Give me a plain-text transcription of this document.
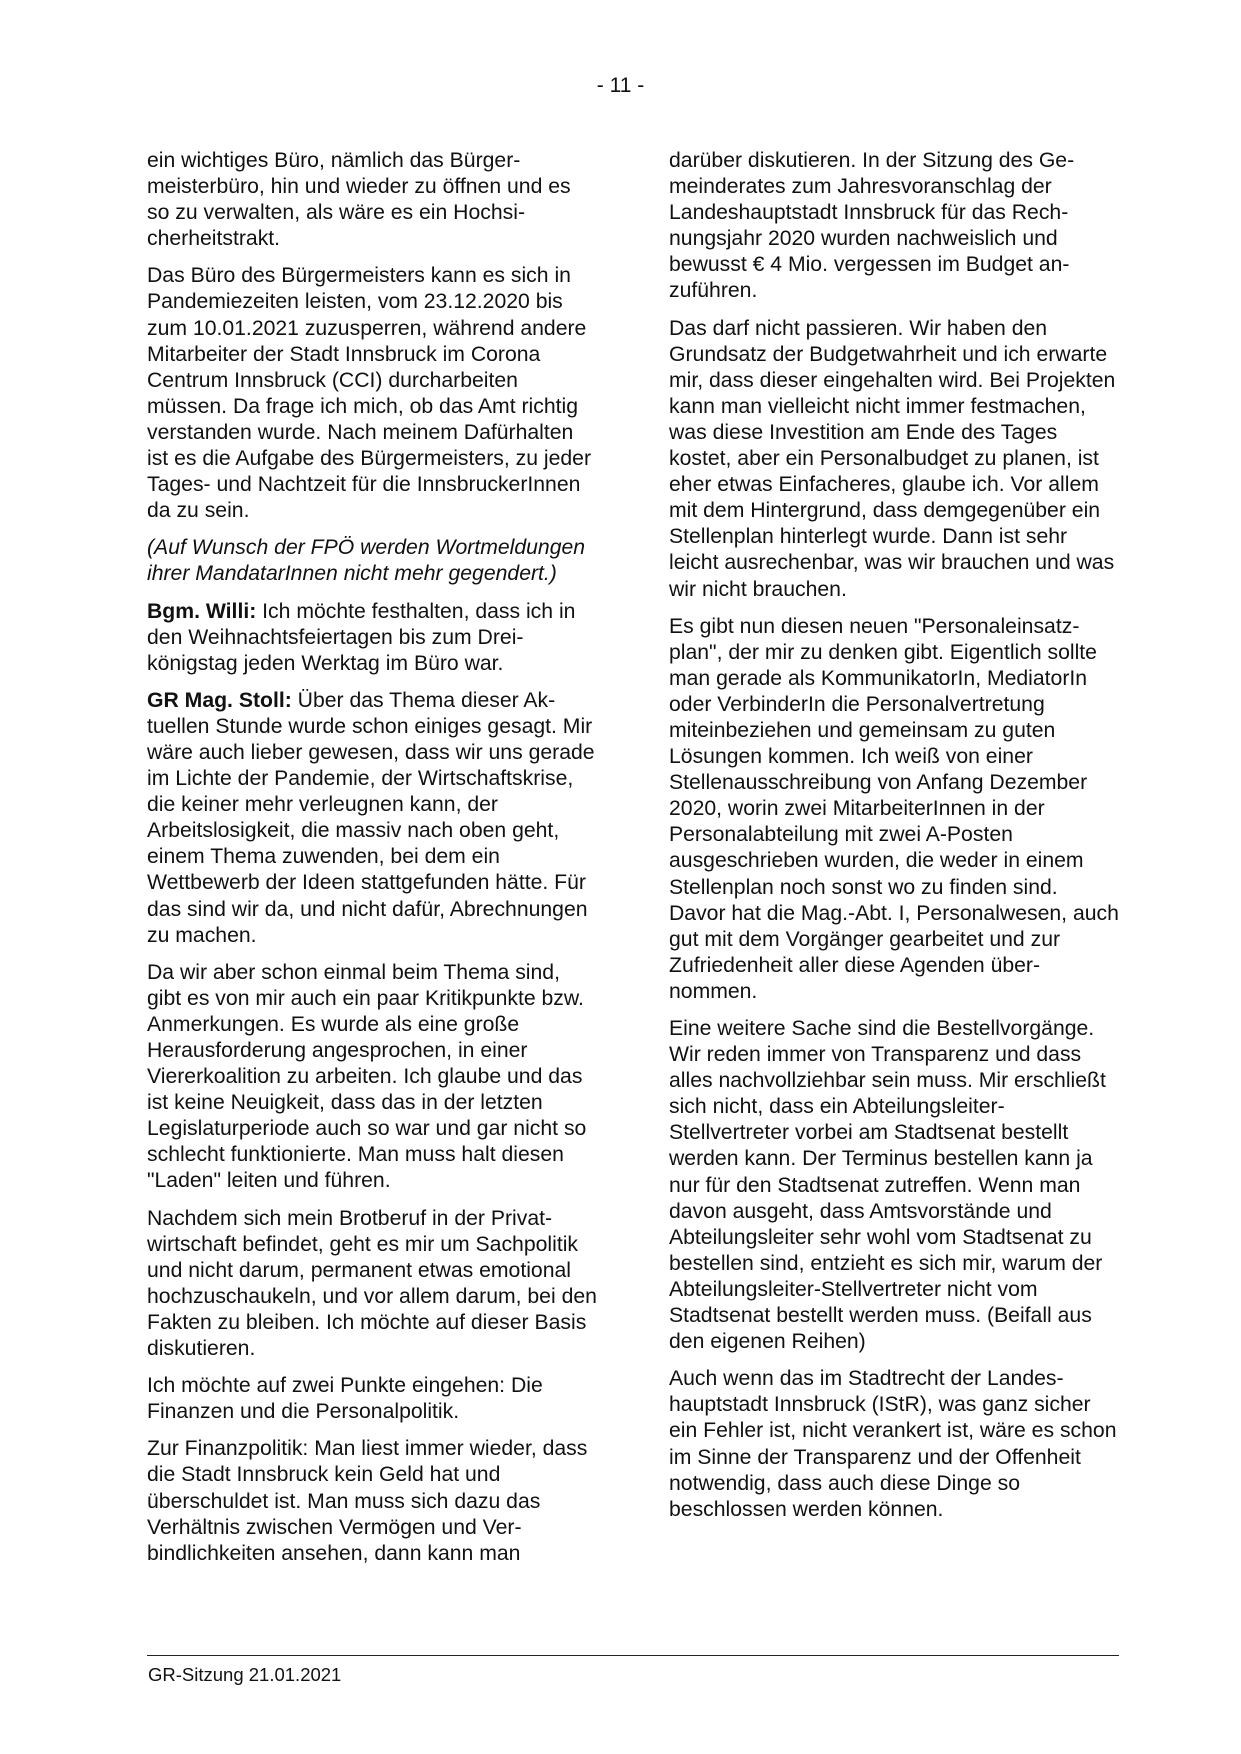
- 11 -

ein wichtiges Büro, nämlich das Bürgermeisterbüro, hin und wieder zu öffnen und es so zu verwalten, als wäre es ein Hochsicherheitstrakt.

Das Büro des Bürgermeisters kann es sich in Pandemiezeiten leisten, vom 23.12.2020 bis zum 10.01.2021 zuzusperren, während andere Mitarbeiter der Stadt Innsbruck im Corona Centrum Innsbruck (CCI) durcharbeiten müssen. Da frage ich mich, ob das Amt richtig verstanden wurde. Nach meinem Dafürhalten ist es die Aufgabe des Bürgermeisters, zu jeder Tages- und Nachtzeit für die InnsbruckerInnen da zu sein.

(Auf Wunsch der FPÖ werden Wortmeldungen ihrer MandatarInnen nicht mehr gegendert.)

Bgm. Willi: Ich möchte festhalten, dass ich in den Weihnachtsfeiertagen bis zum Dreikönigstag jeden Werktag im Büro war.

GR Mag. Stoll: Über das Thema dieser Aktuellen Stunde wurde schon einiges gesagt. Mir wäre auch lieber gewesen, dass wir uns gerade im Lichte der Pandemie, der Wirtschaftskrise, die keiner mehr verleugnen kann, der Arbeitslosigkeit, die massiv nach oben geht, einem Thema zuwenden, bei dem ein Wettbewerb der Ideen stattgefunden hätte. Für das sind wir da, und nicht dafür, Abrechnungen zu machen.

Da wir aber schon einmal beim Thema sind, gibt es von mir auch ein paar Kritikpunkte bzw. Anmerkungen. Es wurde als eine große Herausforderung angesprochen, in einer Viererkoalition zu arbeiten. Ich glaube und das ist keine Neuigkeit, dass das in der letzten Legislaturperiode auch so war und gar nicht so schlecht funktionierte. Man muss halt diesen "Laden" leiten und führen.

Nachdem sich mein Brotberuf in der Privatwirtschaft befindet, geht es mir um Sachpolitik und nicht darum, permanent etwas emotional hochzuschaukeln, und vor allem darum, bei den Fakten zu bleiben. Ich möchte auf dieser Basis diskutieren.

Ich möchte auf zwei Punkte eingehen: Die Finanzen und die Personalpolitik.

Zur Finanzpolitik: Man liest immer wieder, dass die Stadt Innsbruck kein Geld hat und überschuldet ist. Man muss sich dazu das Verhältnis zwischen Vermögen und Verbindlichkeiten ansehen, dann kann man

darüber diskutieren. In der Sitzung des Gemeinderates zum Jahresvoranschlag der Landeshauptstadt Innsbruck für das Rechnungsjahr 2020 wurden nachweislich und bewusst € 4 Mio. vergessen im Budget anzuführen.

Das darf nicht passieren. Wir haben den Grundsatz der Budgetwahrheit und ich erwarte mir, dass dieser eingehalten wird. Bei Projekten kann man vielleicht nicht immer festmachen, was diese Investition am Ende des Tages kostet, aber ein Personalbudget zu planen, ist eher etwas Einfacheres, glaube ich. Vor allem mit dem Hintergrund, dass demgegenüber ein Stellenplan hinterlegt wurde. Dann ist sehr leicht ausrechenbar, was wir brauchen und was wir nicht brauchen.

Es gibt nun diesen neuen "Personaleinsatzplan", der mir zu denken gibt. Eigentlich sollte man gerade als KommunikatorIn, MediatorIn oder VerbinderIn die Personalvertretung miteinbeziehen und gemeinsam zu guten Lösungen kommen. Ich weiß von einer Stellenausschreibung von Anfang Dezember 2020, worin zwei MitarbeiterInnen in der Personalabteilung mit zwei A-Posten ausgeschrieben wurden, die weder in einem Stellenplan noch sonst wo zu finden sind. Davor hat die Mag.-Abt. I, Personalwesen, auch gut mit dem Vorgänger gearbeitet und zur Zufriedenheit aller diese Agenden übernommen.

Eine weitere Sache sind die Bestellvorgänge. Wir reden immer von Transparenz und dass alles nachvollziehbar sein muss. Mir erschließt sich nicht, dass ein Abteilungsleiter-Stellvertreter vorbei am Stadtsenat bestellt werden kann. Der Terminus bestellen kann ja nur für den Stadtsenat zutreffen. Wenn man davon ausgeht, dass Amtsvorstände und Abteilungsleiter sehr wohl vom Stadtsenat zu bestellen sind, entzieht es sich mir, warum der Abteilungsleiter-Stellvertreter nicht vom Stadtsenat bestellt werden muss. (Beifall aus den eigenen Reihen)

Auch wenn das im Stadtrecht der Landeshauptstadt Innsbruck (IStR), was ganz sicher ein Fehler ist, nicht verankert ist, wäre es schon im Sinne der Transparenz und der Offenheit notwendig, dass auch diese Dinge so beschlossen werden können.

GR-Sitzung 21.01.2021
